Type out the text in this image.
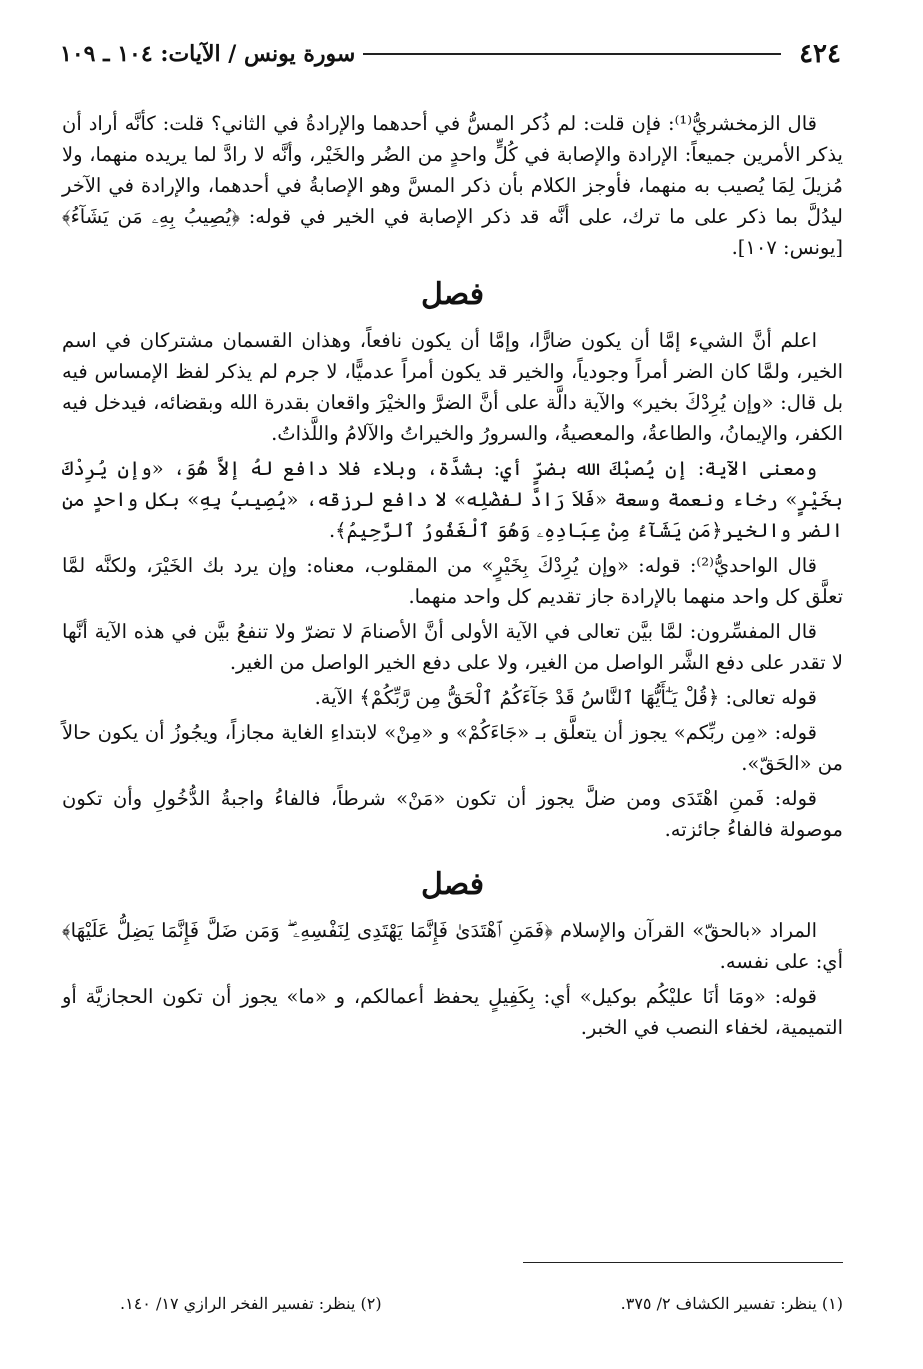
٤٢٤
سورة يونس / الآيات: ١٠٤ ـ ١٠٩

قال الزمخشريُّ⁽¹⁾: فإن قلت: لم ذُكر المسُّ في أحدهما والإرادةُ في الثاني؟ قلت: كأنَّه أراد أن يذكر الأمرين جميعاً: الإرادة والإصابة في كُلٍّ واحدٍ من الضُر والخَيْر، وأنَّه لا رادَّ لما يريده منهما، ولا مُزيلَ لِمَا يُصيب به منهما، فأوجز الكلام بأن ذكر المسَّ وهو الإصابةُ في أحدهما، والإرادة في الآخر ليدُلَّ بما ذكر على ما ترك، على أنَّه قد ذكر الإصابة في الخير في قوله: ﴿يُصِيبُ بِهِۦ مَن يَشَآءُ﴾ [يونس: ١٠٧].

فصل

اعلم أنَّ الشيء إمَّا أن يكون ضارًّا، وإمَّا أن يكون نافعاً، وهذان القسمان مشتركان في اسم الخير، ولمَّا كان الضر أمراً وجودياً، والخير قد يكون أمراً عدميًّا، لا جرم لم يذكر لفظ الإمساس فيه بل قال: «وإن يُرِدْكَ بخير» والآية دالَّة على أنَّ الضرَّ والخيْرَ واقعان بقدرة الله وبقضائه، فيدخل فيه الكفر، والإيمانُ، والطاعةُ، والمعصيةُ، والسرورُ والخيراتُ والآلامُ واللَّذاتُ.

ومعنى الآية: إن يُصبْكَ الله بضرٍّ أي: بشدَّة، وبلاء فلا دافع لهُ إلاَّ هُوَ، «وإن يُرِدْكَ بخَيْرٍ» رخاء ونعمة وسعة «فَلاَ رَادَّ لفضْلِه» لا دافع لرزقه، «يُصِيبُ بِهِ» بكل واحدٍ من الضر والخير﴿مَن يَشَآءُ مِنْ عِبَادِهِۦ وَهُوَ ٱلْغَفُورُ ٱلرَّحِيمُ﴾.

قال الواحديُّ⁽²⁾: قوله: «وإن يُرِدْكَ بِخَيْرٍ» من المقلوب، معناه: وإن يرد بك الخَيْرَ، ولكنَّه لمَّا تعلَّق كل واحد منهما بالإرادة جاز تقديم كل واحد منهما.

قال المفسِّرون: لمَّا بيَّن تعالى في الآية الأولى أنَّ الأصنامَ لا تضرّ ولا تنفعُ بيَّن في هذه الآية أنَّها لا تقدر على دفع الشَّر الواصل من الغير، ولا على دفع الخير الواصل من الغير.

قوله تعالى: ﴿قُلْ يَـٰٓأَيُّهَا ٱلنَّاسُ قَدْ جَآءَكُمُ ٱلْحَقُّ مِن رَّبِّكُمْ﴾ الآية.

قوله: «مِن ربِّكم» يجوز أن يتعلَّق بـ «جَاءَكُمْ» و «مِنْ» لابتداءِ الغاية مجازاً، ويجُوزُ أن يكون حالاً من «الحَقّ».

قوله: فَمنِ اهْتَدَى ومن ضلَّ يجوز أن تكون «مَنْ» شرطاً، فالفاءُ واجبةُ الدُّخُولِ وأن تكون موصولة فالفاءُ جائزته.

فصل

المراد «بالحقّ» القرآن والإسلام ﴿فَمَنِ ٱهْتَدَىٰ فَإِنَّمَا يَهْتَدِى لِنَفْسِهِۦ ۖ وَمَن ضَلَّ فَإِنَّمَا يَضِلُّ عَلَيْهَا﴾ أي: على نفسه.

قوله: «ومَا أنَا عليْكُم بوكيل» أي: بِكَفِيلٍ يحفظ أعمالكم، و «ما» يجوز أن تكون الحجازيَّة أو التميمية، لخفاء النصب في الخبر.

(١) ينظر: تفسير الكشاف ٢/ ٣٧٥.
(٢) ينظر: تفسير الفخر الرازي ١٧/ ١٤٠.
